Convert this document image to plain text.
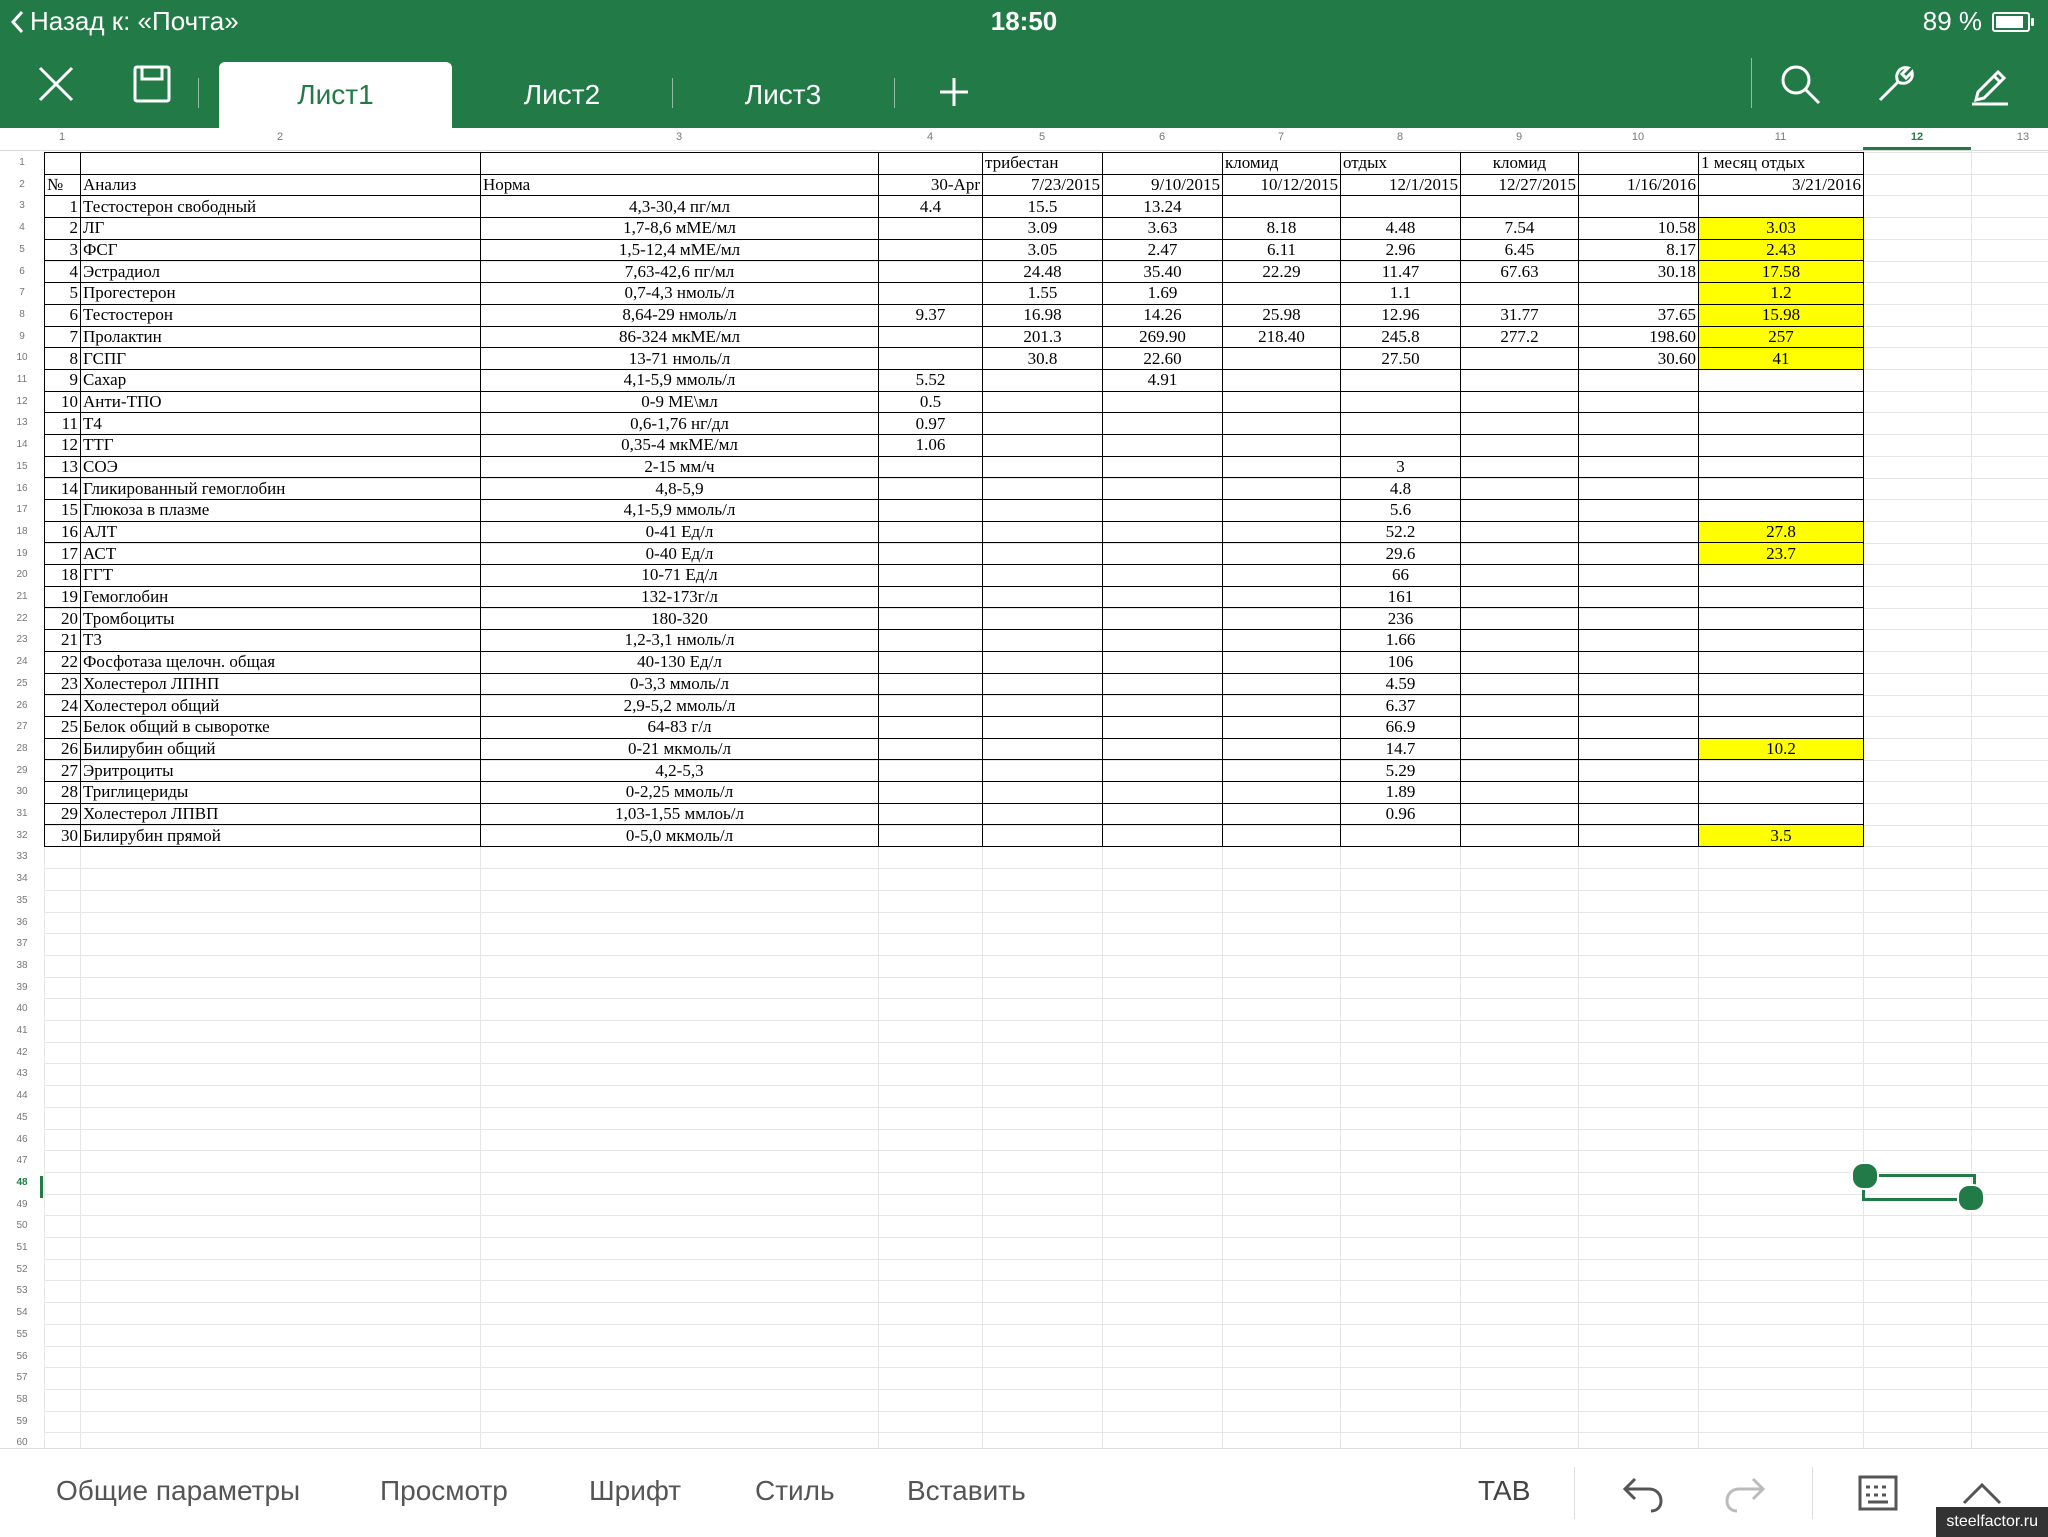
Назад к: «Почта»	18:50	89 %
Лист1	Лист2	Лист3
1	2	3	4	5	6	7	8	9	10	11	12	13
1
2
3
4
5
6
7
8
9
10
11
12
13
14
15
16
17
18
19
20
21
22
23
24
25
26
27
28
29
30
31
32
33
34
35
36
37
38
39
40
41
42
43
44
45
46
47
48
49
50
51
52
53
54
55
56
57
58
59
60
				трибестан		кломид	отдых	кломид		1 месяц отдых
№	Анализ	Норма	30-Apr	7/23/2015	9/10/2015	10/12/2015	12/1/2015	12/27/2015	1/16/2016	3/21/2016
1	Тестостерон свободный	4,3-30,4 пг/мл	4.4	15.5	13.24					
2	ЛГ	1,7-8,6 мМЕ/мл		3.09	3.63	8.18	4.48	7.54	10.58	3.03
3	ФСГ	1,5-12,4 мМЕ/мл		3.05	2.47	6.11	2.96	6.45	8.17	2.43
4	Эстрадиол	7,63-42,6 пг/мл		24.48	35.40	22.29	11.47	67.63	30.18	17.58
5	Прогестерон	0,7-4,3 нмоль/л		1.55	1.69		1.1			1.2
6	Тестостерон	8,64-29 нмоль/л	9.37	16.98	14.26	25.98	12.96	31.77	37.65	15.98
7	Пролактин	86-324 мкМЕ/мл		201.3	269.90	218.40	245.8	277.2	198.60	257
8	ГСПГ	13-71 нмоль/л		30.8	22.60		27.50		30.60	41
9	Сахар	4,1-5,9 ммоль/л	5.52		4.91					
10	Анти-ТПО	0-9 МЕ\мл	0.5							
11	Т4	0,6-1,76 нг/дл	0.97							
12	ТТГ	0,35-4 мкМЕ/мл	1.06							
13	СОЭ	2-15 мм/ч					3			
14	Гликированный гемоглобин	4,8-5,9					4.8			
15	Глюкоза в плазме	4,1-5,9 ммоль/л					5.6			
16	АЛТ	0-41 Ед/л					52.2			27.8
17	АСТ	0-40 Ед/л					29.6			23.7
18	ГГТ	10-71 Ед/л					66			
19	Гемоглобин	132-173г/л					161			
20	Тромбоциты	180-320					236			
21	Т3	1,2-3,1 нмоль/л					1.66			
22	Фосфотаза щелочн. общая	40-130 Ед/л					106			
23	Холестерол ЛПНП	0-3,3 ммоль/л					4.59			
24	Холестерол общий	2,9-5,2 ммоль/л					6.37			
25	Белок общий в сыворотке	64-83 г/л					66.9			
26	Билирубин общий	0-21 мкмоль/л					14.7			10.2
27	Эритроциты	4,2-5,3					5.29			
28	Триглицериды	0-2,25 ммоль/л					1.89			
29	Холестерол ЛПВП	1,03-1,55 ммлоь/л					0.96			
30	Билирубин прямой	0-5,0 мкмоль/л								3.5
Общие параметры	Просмотр	Шрифт	Стиль	Вставить	TAB
steelfactor.ru
